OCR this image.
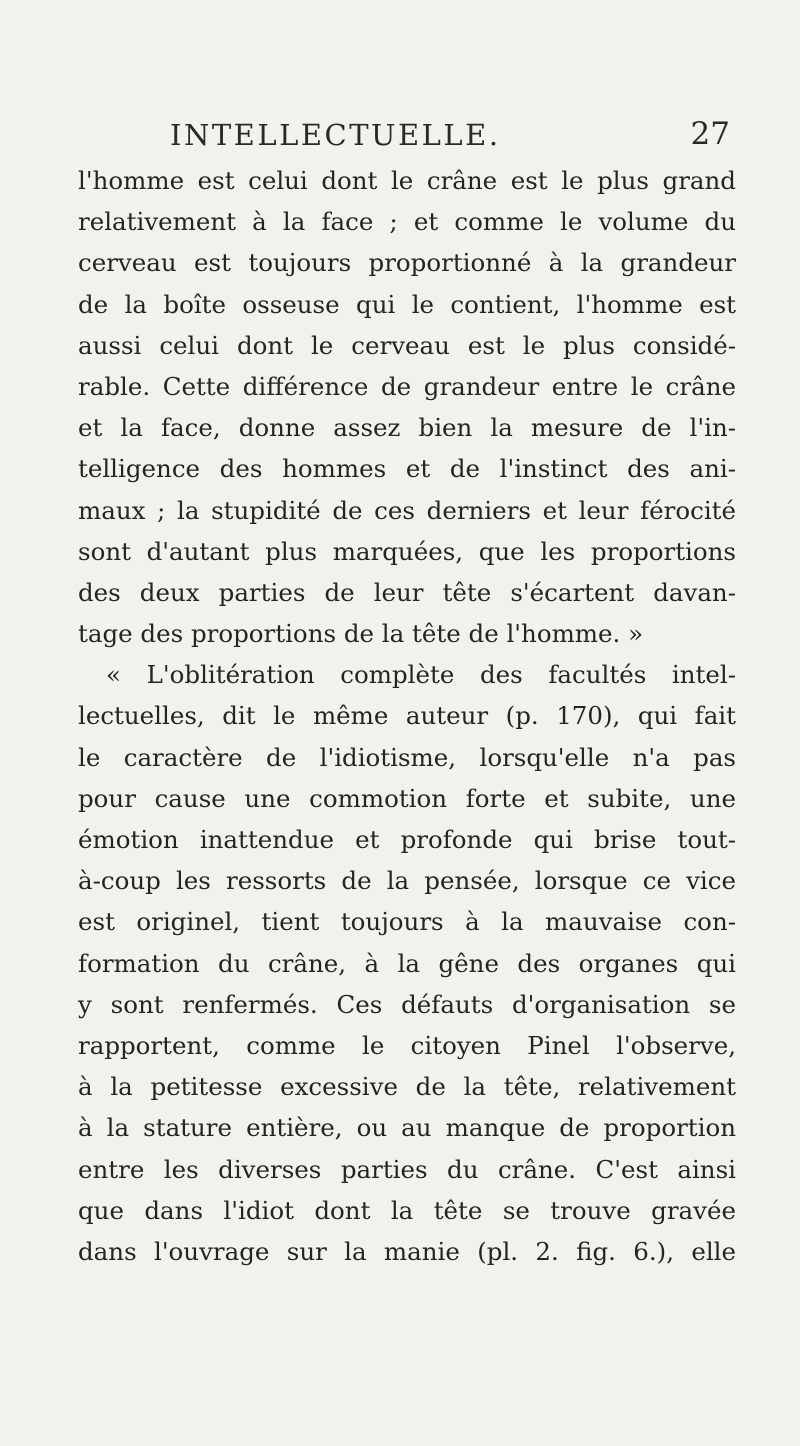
INTELLECTUELLE.	27
l'homme est celui dont le crâne est le plus grand
relativement à la face ; et comme le volume du
cerveau est toujours proportionné à la grandeur
de la boîte osseuse qui le contient, l'homme est
aussi celui dont le cerveau est le plus considé-
rable. Cette différence de grandeur entre le crâne
et la face, donne assez bien la mesure de l'in-
telligence des hommes et de l'instinct des ani-
maux ; la stupidité de ces derniers et leur férocité
sont d'autant plus marquées, que les proportions
des deux parties de leur tête s'écartent davan-
tage des proportions de la tête de l'homme. »
« L'oblitération complète des facultés intel-
lectuelles, dit le même auteur (p. 170), qui fait
le caractère de l'idiotisme, lorsqu'elle n'a pas
pour cause une commotion forte et subite, une
émotion inattendue et profonde qui brise tout-
à-coup les ressorts de la pensée, lorsque ce vice
est originel, tient toujours à la mauvaise con-
formation du crâne, à la gêne des organes qui
y sont renfermés. Ces défauts d'organisation se
rapportent, comme le citoyen Pinel l'observe,
à la petitesse excessive de la tête, relativement
à la stature entière, ou au manque de proportion
entre les diverses parties du crâne. C'est ainsi
que dans l'idiot dont la tête se trouve gravée
dans l'ouvrage sur la manie (pl. 2. fig. 6.), elle
